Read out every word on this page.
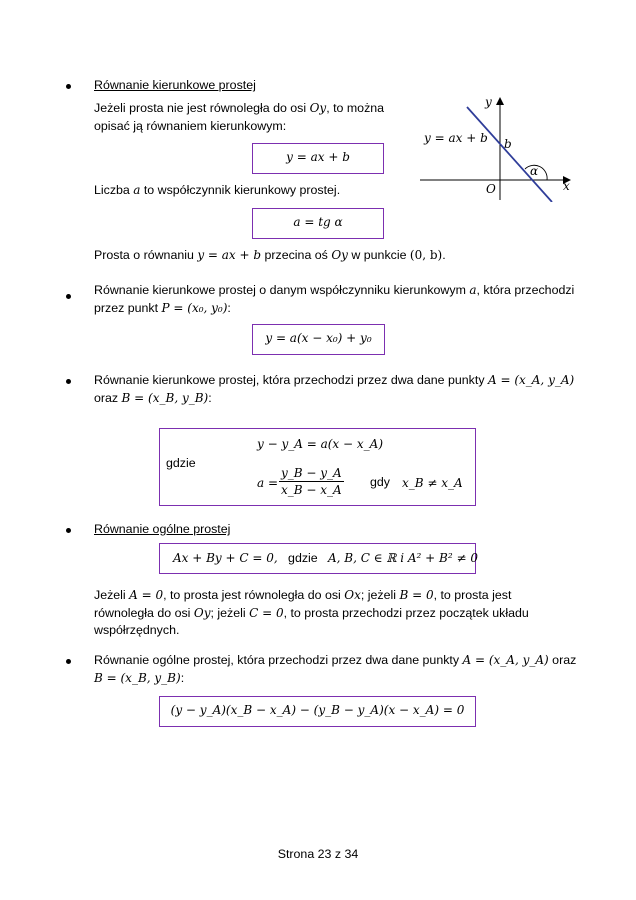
Równanie kierunkowe prostej
Jeżeli prosta nie jest równoległa do osi Oy, to można
opisać ją równaniem kierunkowym:
y = ax + b
Liczba a to współczynnik kierunkowy prostej.
a = tg α
Prosta o równaniu y = ax + b przecina oś Oy w punkcie (0, b).
y
x
O
y = ax + b b
α
Równanie kierunkowe prostej o danym współczynniku kierunkowym a, która przechodzi
przez punkt P = (x₀, y₀):
y = a(x − x₀) + y₀
Równanie kierunkowe prostej, która przechodzi przez dwa dane punkty A = (x_A, y_A)
oraz B = (x_B, y_B):
y − y_A = a(x − x_A)
gdzie
$a = \frac{y\_B - y\_A}{x\_B - x\_A}$ gdy x_B ≠ x_A
Równanie ogólne prostej
Ax + By + C = 0, gdzie A, B, C ∈ ℝ i A² + B² ≠ 0
Jeżeli A = 0, to prosta jest równoległa do osi Ox; jeżeli B = 0, to prosta jest
równoległa do osi Oy; jeżeli C = 0, to prosta przechodzi przez początek układu
współrzędnych.
Równanie ogólne prostej, która przechodzi przez dwa dane punkty A = (x_A, y_A) oraz
B = (x_B, y_B):
(y − y_A)(x_B − x_A) − (y_B − y_A)(x − x_A) = 0
Strona 23 z 34
